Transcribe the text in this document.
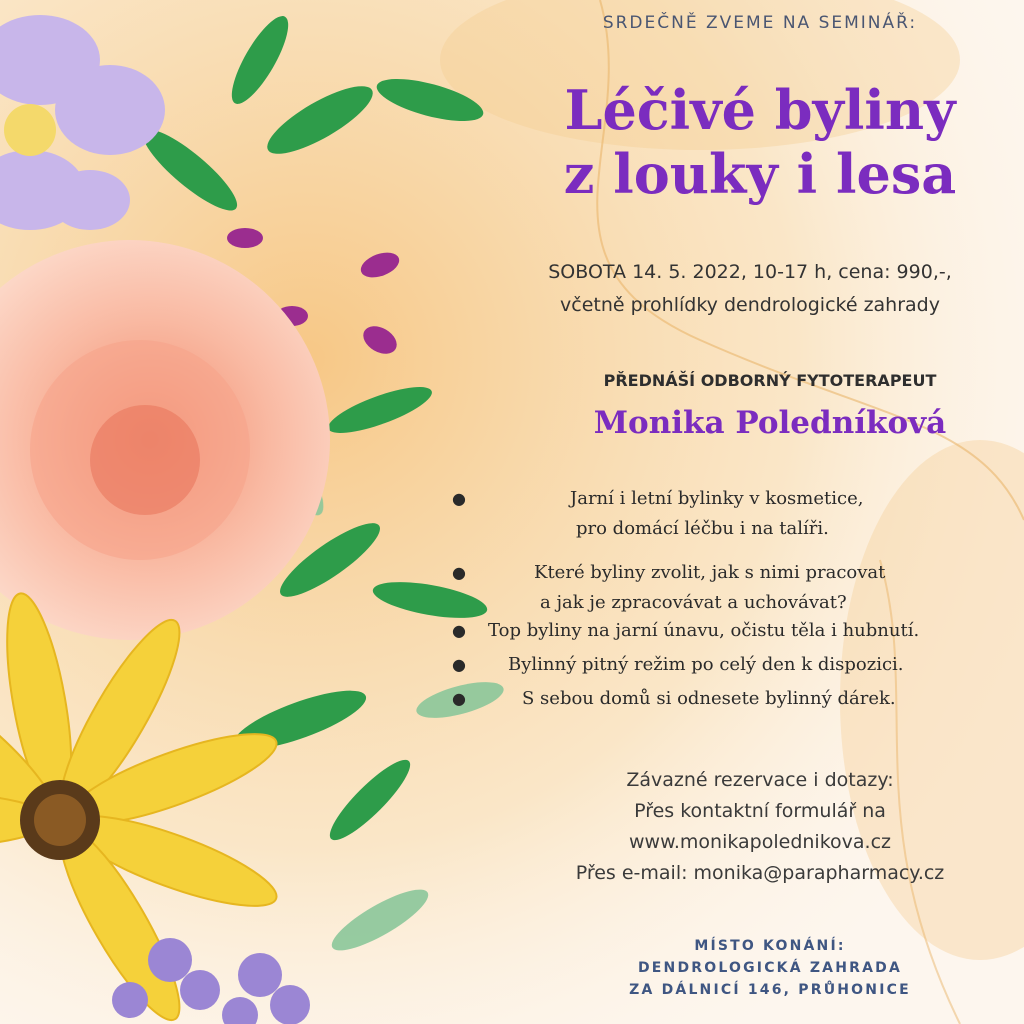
SRDEČNĚ ZVEME NA SEMINÁŘ:
Léčivé byliny
z louky i lesa
SOBOTA 14. 5. 2022, 10-17 h, cena: 990,-,
včetně prohlídky dendrologické zahrady
PŘEDNÁŠÍ ODBORNÝ FYTOTERAPEUT
Monika Poledníková
●	Jarní i letní bylinky v kosmetice,
pro domácí léčbu i na talíři.
●	Které byliny zvolit, jak s nimi pracovat
a jak je zpracovávat a uchovávat?
●	Top byliny na jarní únavu, očistu těla i hubnutí.
●	Bylinný pitný režim po celý den k dispozici.
●	S sebou domů si odnesete bylinný dárek.
Závazné rezervace i dotazy:
Přes kontaktní formulář na
www.monikapolednikova.cz
Přes e-mail: monika@parapharmacy.cz
MÍSTO KONÁNÍ:
DENDROLOGICKÁ ZAHRADA
ZA DÁLNICÍ 146, PRŮHONICE
